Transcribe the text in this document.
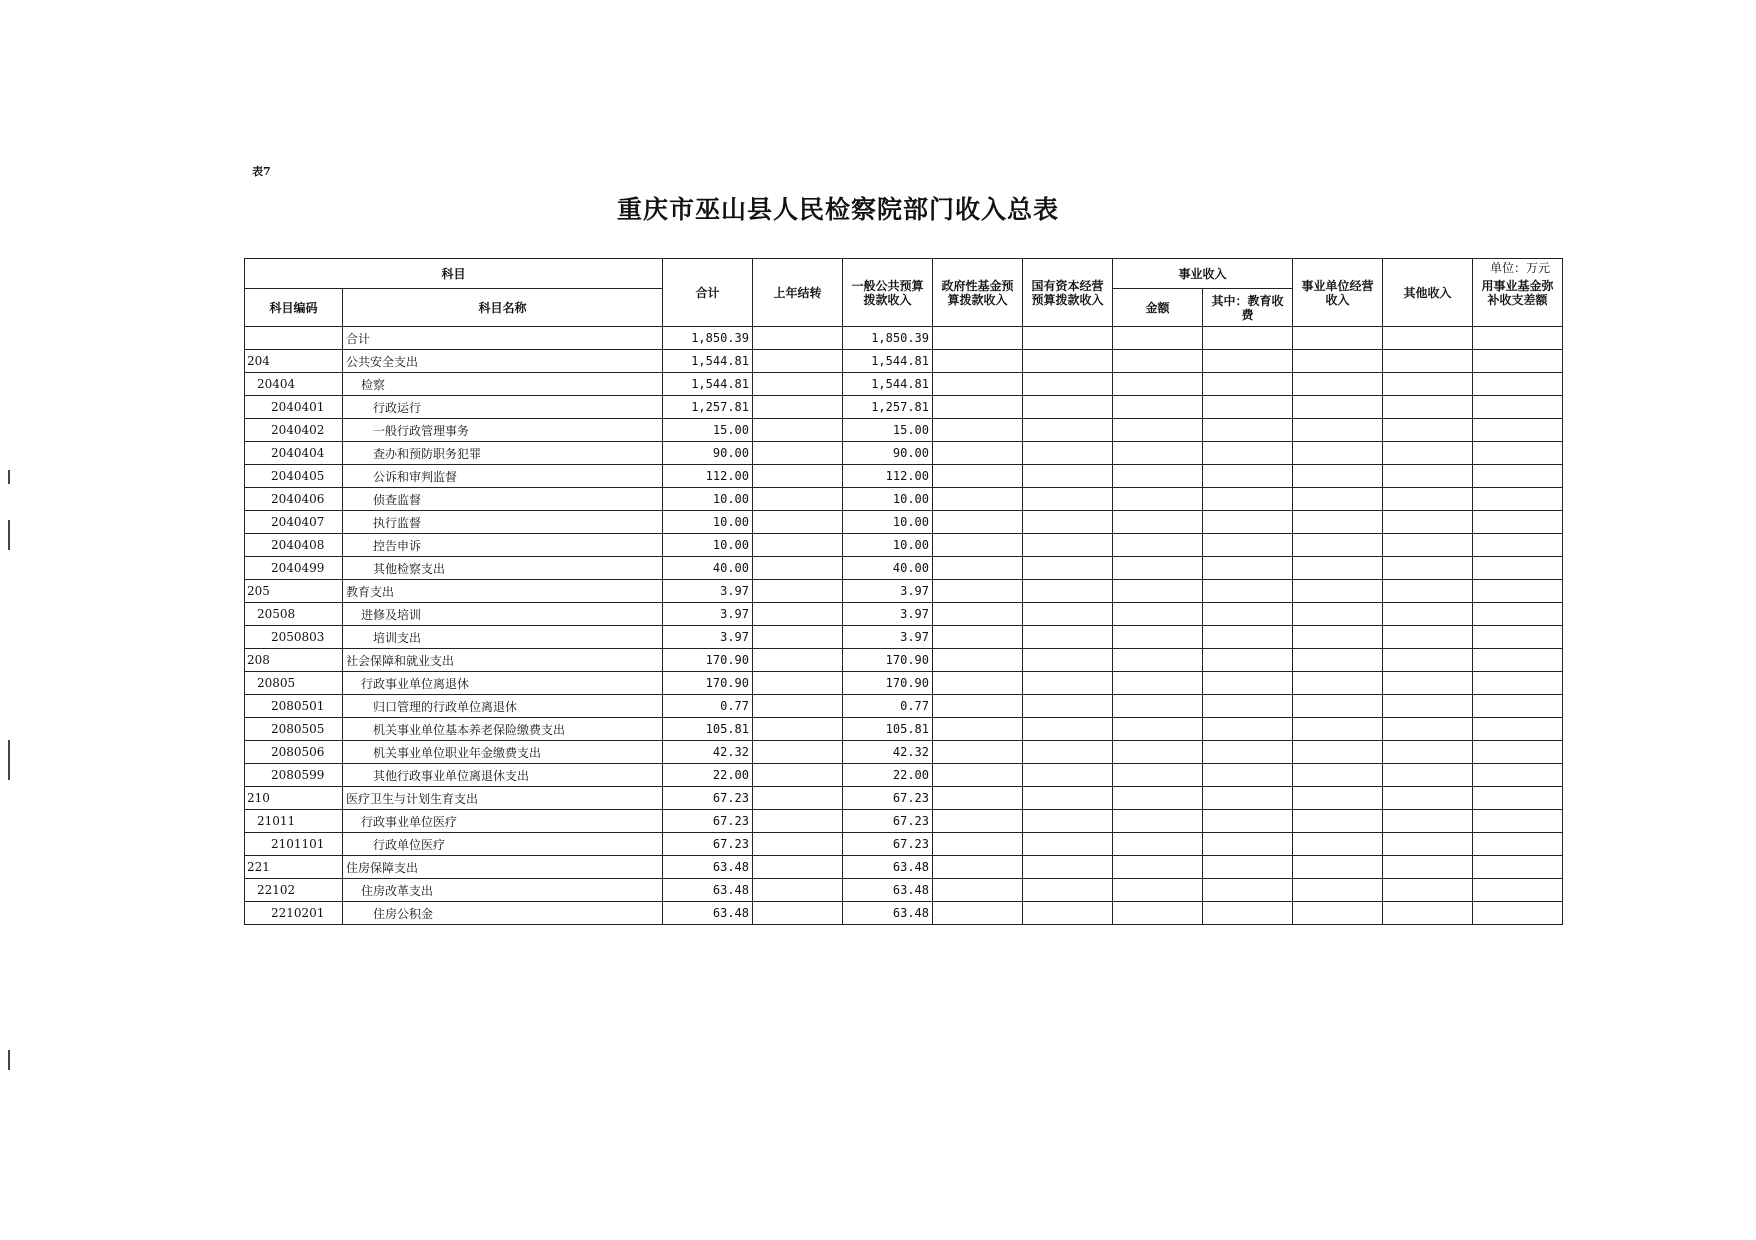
表7
重庆市巫山县人民检察院部门收入总表
单位：万元
科目		合计	上年结转	一般公共预算拨款收入	政府性基金预算拨款收入	国有资本经营预算拨款收入	事业收入		事业单位经营收入	其他收入	用事业基金弥补收支差额
科目编码	科目名称						金额	其中：教育收费			
	合计	1,850.39		1,850.39							
204	公共安全支出	1,544.81		1,544.81							
20404	检察	1,544.81		1,544.81							
2040401	行政运行	1,257.81		1,257.81							
2040402	一般行政管理事务	15.00		15.00							
2040404	查办和预防职务犯罪	90.00		90.00							
2040405	公诉和审判监督	112.00		112.00							
2040406	侦查监督	10.00		10.00							
2040407	执行监督	10.00		10.00							
2040408	控告申诉	10.00		10.00							
2040499	其他检察支出	40.00		40.00							
205	教育支出	3.97		3.97							
20508	进修及培训	3.97		3.97							
2050803	培训支出	3.97		3.97							
208	社会保障和就业支出	170.90		170.90							
20805	行政事业单位离退休	170.90		170.90							
2080501	归口管理的行政单位离退休	0.77		0.77							
2080505	机关事业单位基本养老保险缴费支出	105.81		105.81							
2080506	机关事业单位职业年金缴费支出	42.32		42.32							
2080599	其他行政事业单位离退休支出	22.00		22.00							
210	医疗卫生与计划生育支出	67.23		67.23							
21011	行政事业单位医疗	67.23		67.23							
2101101	行政单位医疗	67.23		67.23							
221	住房保障支出	63.48		63.48							
22102	住房改革支出	63.48		63.48							
2210201	住房公积金	63.48		63.48							
